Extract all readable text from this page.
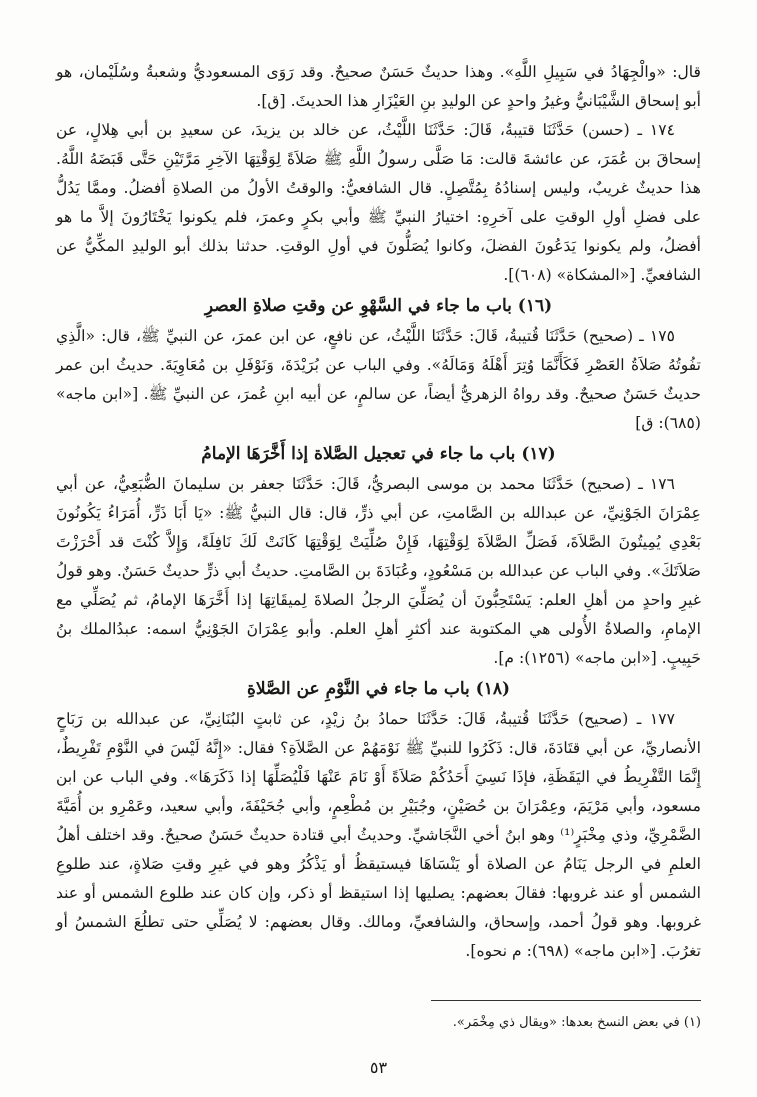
قال: «والْجِهَادُ في سَبِيلِ اللَّهِ». وهذا حديثٌ حَسَنٌ صحيحٌ. وقد رَوَى المسعوديُّ وشعبةُ وسُلَيْمان، هو أبو إسحاق الشَّيْبَانيُّ وغيرُ واحدٍ عن الوليدِ بنِ العَيْزَارِ هذا الحديثَ. [ق].

١٧٤ ـ (حسن) حَدَّثَنَا قتيبةُ، قَالَ: حَدَّثَنَا اللَّيْثُ، عن خالد بن يزيدَ، عن سعيدِ بن أبي هِلالٍ، عن إسحاقَ بن عُمَرَ، عن عائشةَ قالت: مَا صَلَّى رسولُ اللَّهِ ﷺ صَلاَةً لِوَقْتِهَا الآخِرِ مَرَّتَيْنِ حَتَّى قَبَضَهُ اللَّهُ. هذا حديثٌ غريبٌ، وليس إسنادُهُ بِمُتَّصِلٍ. قال الشافعيُّ: والوقتُ الأولُ من الصلاةِ أفضلُ. وممَّا يَدُلُّ على فضلِ أولِ الوقتِ على آخرِهِ: اختيارُ النبيِّ ﷺ وأبي بكرٍ وعمرَ، فلم يكونوا يَخْتَارُونَ إلاَّ ما هو أفضلُ، ولم يكونوا يَدَعُونَ الفضلَ، وكانوا يُصَلُّونَ في أولِ الوقتِ. حدثنا بذلك أبو الوليدِ المكِّيُّ عن الشافعيِّ. [«المشكاة» (٦٠٨)].

(١٦) باب ما جاء في السَّهْوِ عن وقتِ صلاةِ العصرِ

١٧٥ ـ (صحيح) حَدَّثَنَا قُتيبةُ، قَالَ: حَدَّثَنَا اللَّيْثُ، عن نافعٍ، عن ابن عمرَ، عن النبيِّ ﷺ، قال: «الَّذِي تفُوتُهُ صَلاَةُ العَصْرِ فَكَأَنَّمَا وُتِرَ أَهْلَهُ وَمَالَهُ». وفي الباب عن بُرَيْدَةَ، وَنَوْفَلِ بن مُعَاوِيَةَ. حديثُ ابن عمر حديثٌ حَسَنٌ صحيحٌ. وقد رواهُ الزهريُّ أيضاً، عن سالمٍ، عن أبيه ابنِ عُمرَ، عن النبيِّ ﷺ. [«ابن ماجه» (٦٨٥): ق]

(١٧) باب ما جاء في تعجيل الصَّلاة إذا أَخَّرَهَا الإمامُ

١٧٦ ـ (صحيح) حَدَّثَنَا محمد بن موسى البصريُّ، قَالَ: حَدَّثَنَا جعفر بن سليمانَ الضُّبَعِيُّ، عن أبي عِمْرَانَ الجَوْنِيِّ، عن عبدالله بن الصَّامتِ، عن أبي ذرٍّ، قال: قال النبيُّ ﷺ: «يَا أَبَا ذَرٍّ، أُمَرَاءُ يَكُونُونَ بَعْدِي يُمِيتُونَ الصَّلاَةَ، فَصَلِّ الصَّلاَةَ لِوَقْتِهَا، فَإِنْ صُلِّيَتْ لِوَقْتِهَا كَانَتْ لَكَ نَافِلَةً، وَإِلاَّ كُنْتَ قد أَحْرَزْتَ صَلاَتَكَ». وفي الباب عن عبدالله بن مَسْعُودٍ، وعُبَادَةَ بن الصَّامتِ. حديثُ أبي ذرٍّ حديثٌ حَسَنٌ. وهو قولُ غيرِ واحدٍ من أهلِ العلم: يَسْتَحِبُّونَ أن يُصَلِّيَ الرجلُ الصلاةَ لِميقَاتِهَا إذا أَخَّرَهَا الإمامُ، ثم يُصَلِّي مع الإمامِ، والصلاةُ الأُولى هي المكتوبة عند أكثرِ أهلِ العلم. وأبو عِمْرَانَ الجَوْنِيُّ اسمه: عبدُالملك بنُ حَبِيبٍ. [«ابن ماجه» (١٢٥٦): م].

(١٨) باب ما جاء في النَّوْمِ عن الصَّلاةِ

١٧٧ ـ (صحيح) حَدَّثَنَا قُتيبةُ، قَالَ: حَدَّثَنَا حمادُ بنُ زيْدٍ، عن ثابتٍ البُنَانِيِّ، عن عبدالله بن رَبَاحٍ الأنصاريِّ، عن أبي قتَادَةَ، قال: ذَكَرُوا للنبيِّ ﷺ نَوْمَهُمْ عن الصَّلاَةِ؟ فقال: «إِنَّهُ لَيْسَ في النَّوْمِ تَفْرِيطٌ، إِنَّمَا التَّفْرِيطُ في اليَقَظَةِ، فإذَا نَسِيَ أَحَدُكُمْ صَلاَةً أَوْ نَامَ عَنْهَا فَلْيُصَلِّهَا إذا ذَكَرَهَا». وفي الباب عن ابن مسعود، وأبي مَرْيَمَ، وعِمْرَانَ بن حُصَيْنٍ، وجُبَيْرِ بن مُطْعِمٍ، وأبي جُحَيْفَةَ، وأبي سعيد، وعَمْرِو بن أُمَيَّةَ الضَّمْرِيِّ، وذي مِخْبَرٍ⁽¹⁾ وهو ابنُ أخي النَّجَاشيِّ. وحديثُ أبي قتادة حديثٌ حَسَنٌ صحيحٌ. وقد اختلف أهلُ العلمِ في الرجل يَنَامُ عن الصلاة أو يَنْسَاهَا فيستيقظُ أو يَذْكُرُ وهو في غيرِ وقتِ صَلاةٍ، عند طلوعِ الشمس أو عند غروبها: فقالَ بعضهم: يصليها إذا استيقظ أو ذكر، وإن كان عند طلوع الشمس أو عند غروبها. وهو قولُ أحمد، وإسحاق، والشافعيِّ، ومالك. وقال بعضهم: لا يُصَلِّي حتى تطلُعَ الشمسُ أو تغرُبَ. [«ابن ماجه» (٦٩٨): م نحوه].

(١) في بعض النسخ بعدها: «ويقال ذي مِخْمَر».

٥٣
